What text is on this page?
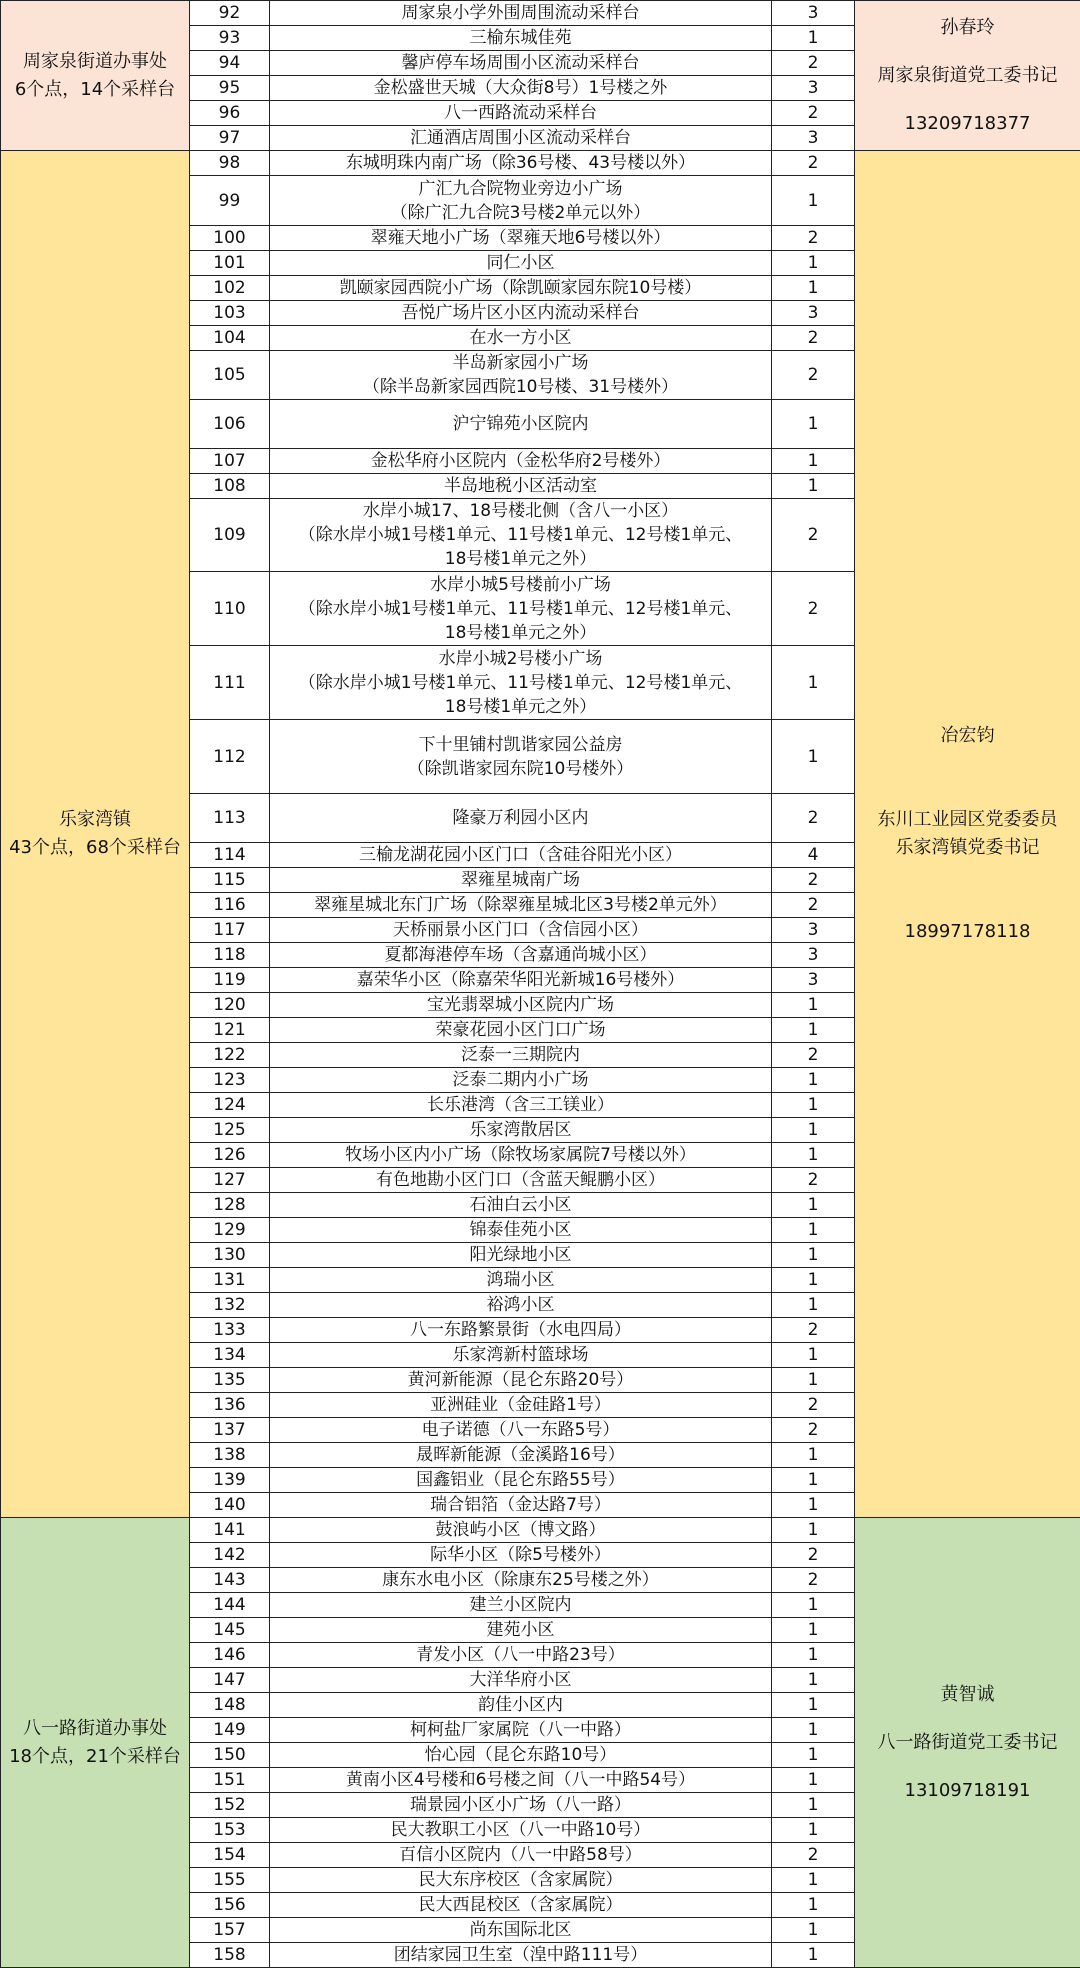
周家泉街道办事处
6个点，14个采样台	92	周家泉小学外围周围流动采样台	3	孙春玲
周家泉街道党工委书记
13209718377

	93	三榆东城佳苑	1	
	94	馨庐停车场周围小区流动采样台	2	
	95	金松盛世天城（大众街8号）1号楼之外	3	
	96	八一西路流动采样台	2	
	97	汇通酒店周围小区流动采样台	3	

乐家湾镇
43个点，68个采样台	98	东城明珠内南广场（除36号楼、43号楼以外）	2	冶宏钧
东川工业园区党委委员
乐家湾镇党委书记
18997178118

	99	广汇九合院物业旁边小广场
（除广汇九合院3号楼2单元以外）	1	
	100	翠雍天地小广场（翠雍天地6号楼以外）	2	
	101	同仁小区	1	
	102	凯颐家园西院小广场（除凯颐家园东院10号楼）	1	
	103	吾悦广场片区小区内流动采样台	3	
	104	在水一方小区	2	
	105	半岛新家园小广场
（除半岛新家园西院10号楼、31号楼外）	2	
	106	沪宁锦苑小区院内	1	
	107	金松华府小区院内（金松华府2号楼外）	1	
	108	半岛地税小区活动室	1	
	109	水岸小城17、18号楼北侧（含八一小区）
（除水岸小城1号楼1单元、11号楼1单元、12号楼1单元、
18号楼1单元之外）	2	
	110	水岸小城5号楼前小广场
（除水岸小城1号楼1单元、11号楼1单元、12号楼1单元、
18号楼1单元之外）	2	
	111	水岸小城2号楼小广场
（除水岸小城1号楼1单元、11号楼1单元、12号楼1单元、
18号楼1单元之外）	1	
	112	下十里铺村凯谐家园公益房
（除凯谐家园东院10号楼外）	1	
	113	隆豪万利园小区内	2	
	114	三榆龙湖花园小区门口（含硅谷阳光小区）	4	
	115	翠雍星城南广场	2	
	116	翠雍星城北东门广场（除翠雍星城北区3号楼2单元外）	2	
	117	天桥丽景小区门口（含信园小区）	3	
	118	夏都海港停车场（含嘉通尚城小区）	3	
	119	嘉荣华小区（除嘉荣华阳光新城16号楼外）	3	
	120	宝光翡翠城小区院内广场	1	
	121	荣豪花园小区门口广场	1	
	122	泛泰一三期院内	2	
	123	泛泰二期内小广场	1	
	124	长乐港湾（含三工镁业）	1	
	125	乐家湾散居区	1	
	126	牧场小区内小广场（除牧场家属院7号楼以外）	1	
	127	有色地勘小区门口（含蓝天鲲鹏小区）	2	
	128	石油白云小区	1	
	129	锦泰佳苑小区	1	
	130	阳光绿地小区	1	
	131	鸿瑞小区	1	
	132	裕鸿小区	1	
	133	八一东路繁景街（水电四局）	2	
	134	乐家湾新村篮球场	1	
	135	黄河新能源（昆仑东路20号）	1	
	136	亚洲硅业（金硅路1号）	2	
	137	电子诺德（八一东路5号）	2	
	138	晟晖新能源（金溪路16号）	1	
	139	国鑫铝业（昆仑东路55号）	1	
	140	瑞合铝箔（金达路7号）	1	

八一路街道办事处
18个点，21个采样台	141	鼓浪屿小区（博文路）	1	黄智诚
八一路街道党工委书记
13109718191

	142	际华小区（除5号楼外）	2	
	143	康东水电小区（除康东25号楼之外）	2	
	144	建兰小区院内	1	
	145	建苑小区	1	
	146	青发小区（八一中路23号）	1	
	147	大洋华府小区	1	
	148	韵佳小区内	1	
	149	柯柯盐厂家属院（八一中路）	1	
	150	怡心园（昆仑东路10号）	1	
	151	黄南小区4号楼和6号楼之间（八一中路54号）	1	
	152	瑞景园小区小广场（八一路）	1	
	153	民大教职工小区（八一中路10号）	1	
	154	百信小区院内（八一中路58号）	2	
	155	民大东序校区（含家属院）	1	
	156	民大西昆校区（含家属院）	1	
	157	尚东国际北区	1	
	158	团结家园卫生室（湟中路111号）	1	
